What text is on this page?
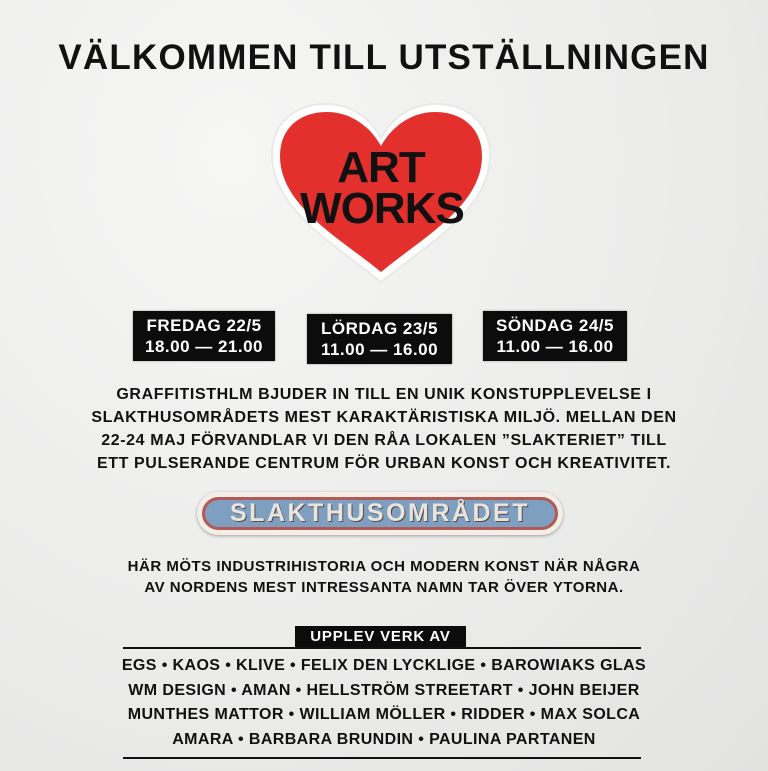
VÄLKOMMEN TILL UTSTÄLLNINGEN
ART
WORKS
FREDAG 22/5
18.00 — 21.00
LÖRDAG 23/5
11.00 — 16.00
SÖNDAG 24/5
11.00 — 16.00
GRAFFITISTHLM BJUDER IN TILL EN UNIK KONSTUPPLEVELSE I
SLAKTHUSOMRÅDETS MEST KARAKTÄRISTISKA MILJÖ. MELLAN DEN
22-24 MAJ FÖRVANDLAR VI DEN RÅA LOKALEN ”SLAKTERIET” TILL
ETT PULSERANDE CENTRUM FÖR URBAN KONST OCH KREATIVITET.
SLAKTHUSOMRÅDET
HÄR MÖTS INDUSTRIHISTORIA OCH MODERN KONST NÄR NÅGRA
AV NORDENS MEST INTRESSANTA NAMN TAR ÖVER YTORNA.
UPPLEV VERK AV
EGS • KAOS • KLIVE • FELIX DEN LYCKLIGE • BAROWIAKS GLAS
WM DESIGN • AMAN • HELLSTRÖM STREETART • JOHN BEIJER
MUNTHES MATTOR • WILLIAM MÖLLER • RIDDER • MAX SOLCA
AMARA • BARBARA BRUNDIN • PAULINA PARTANEN
